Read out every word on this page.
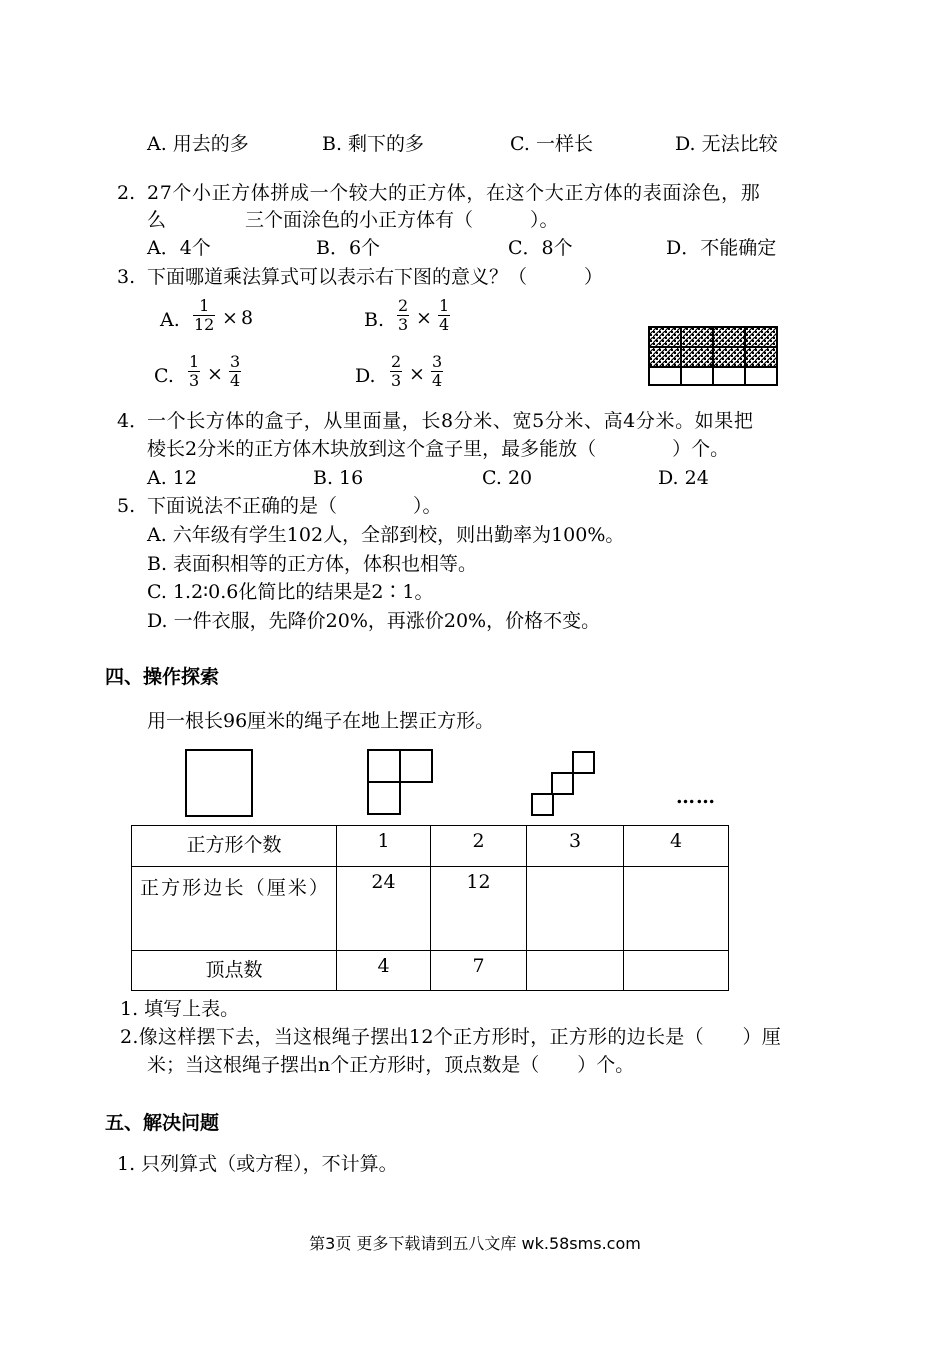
A. 用去的多	B. 剩下的多	C. 一样长	D. 无法比较
2. 27个小正方体拼成一个较大的正方体，在这个大正方体的表面涂色，那
么	三个面涂色的小正方体有（　　　）。
A．4个	B．6个	C．8个	D．不能确定
3. 下面哪道乘法算式可以表示右下图的意义？（　　　）
A. $\frac{1}{12} \times 8$	B. $\frac{2}{3} \times \frac{1}{4}$
C. $\frac{1}{3} \times \frac{3}{4}$	D. $\frac{2}{3} \times \frac{3}{4}$
4．
一个长方体的盒子，从里面量，长8分米、宽5分米、高4分米。如果把
棱长2分米的正方体木块放到这个盒子里，最多能放（　　　　）个。
A. 12	B. 16	C. 20	D. 24
5. 下面说法不正确的是（　　　　）。
A. 六年级有学生102人，全部到校，则出勤率为100%。
B. 表面积相等的正方体，体积也相等。
C. 1.2∶0.6化简比的结果是2∶1。
D. 一件衣服，先降价20%，再涨价20%，价格不变。
四、操作探索
用一根长96厘米的绳子在地上摆正方形。
……
正方形个数	1	2	3	4
正方形边长（厘米）	24	12		
顶点数	4	7		
1. 填写上表。
2.像这样摆下去，当这根绳子摆出12个正方形时，正方形的边长是（　　）厘
米；当这根绳子摆出n个正方形时，顶点数是（　　）个。
五、解决问题
1. 只列算式（或方程），不计算。
第3页 更多下载请到五八文库 wk.58sms.com
